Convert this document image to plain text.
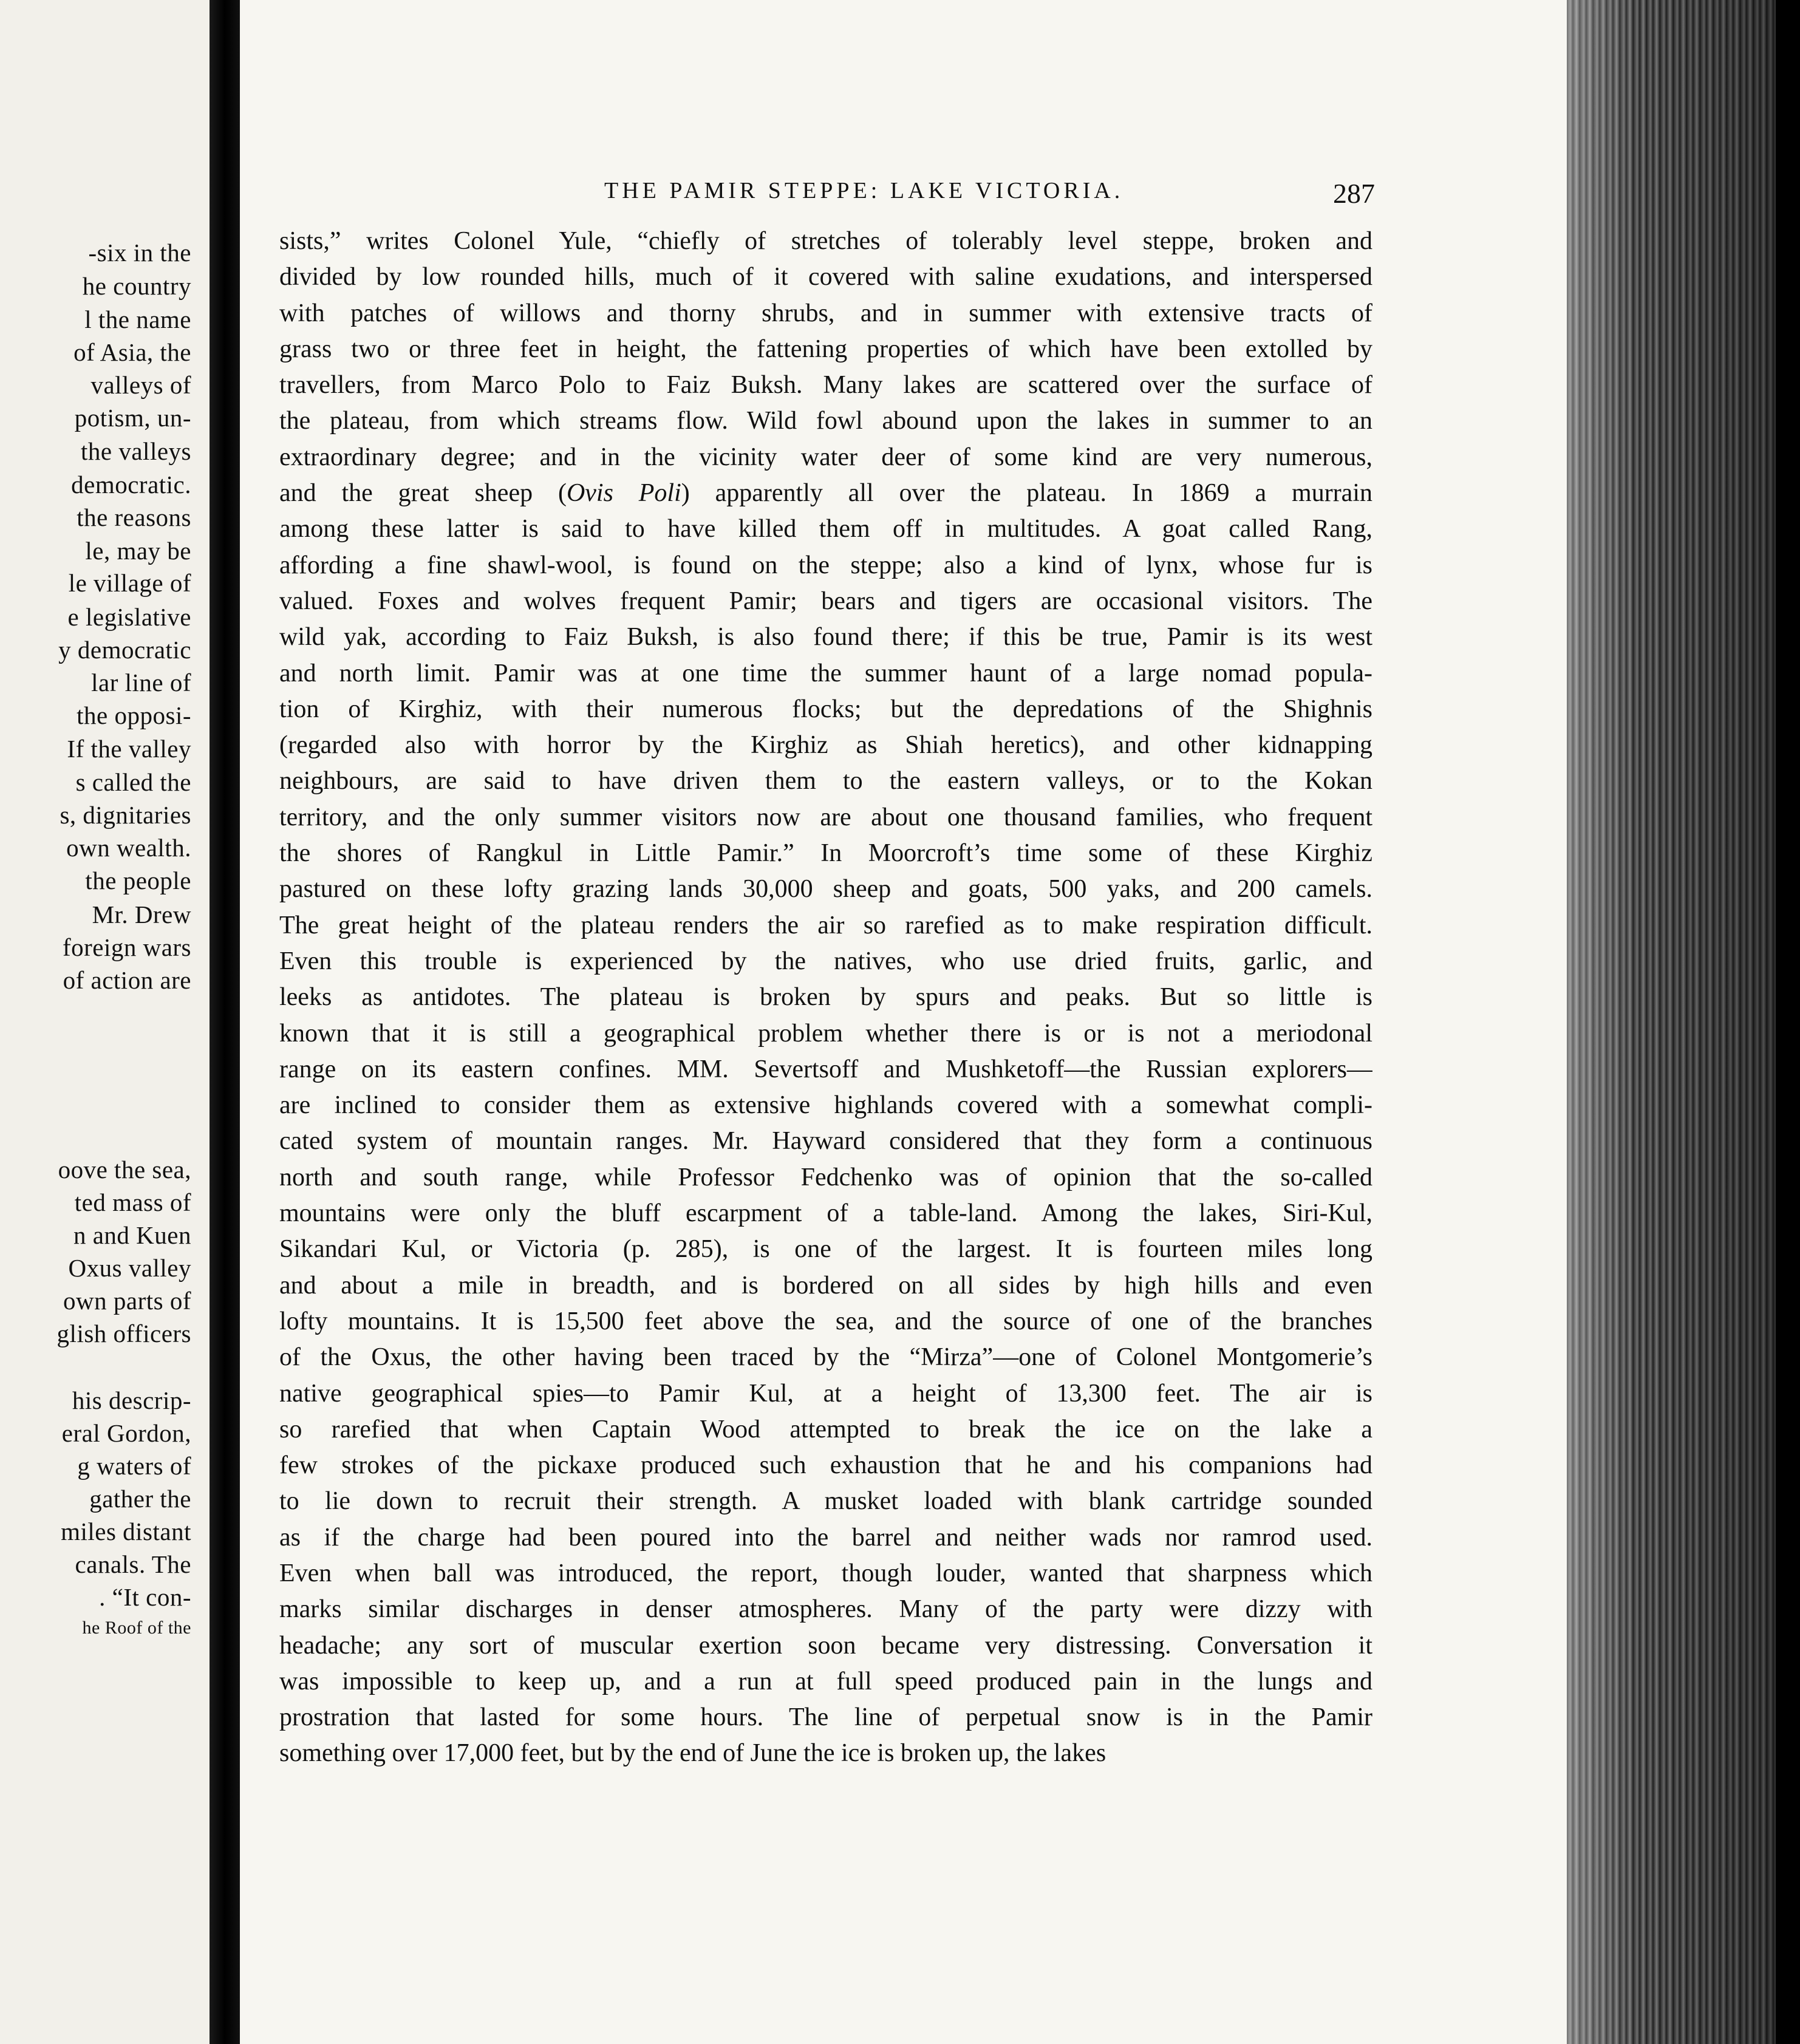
-six in the
he country
l the name
of Asia, the
valleys of
potism, un-
the valleys
democratic.
the reasons
le, may be
le village of
e legislative
y democratic
lar line of
the opposi-
If the valley
s called the
s, dignitaries
own wealth.
the people
Mr. Drew
foreign wars
of action are
oove the sea,
ted mass of
n and Kuen
Oxus valley
own parts of
glish officers
his descrip-
eral Gordon,
g waters of
gather the
miles distant
canals. The
. “It con-
he Roof of the
THE PAMIR STEPPE: LAKE VICTORIA.	287
sists,” writes Colonel Yule, “chiefly of stretches of tolerably level steppe, broken and
divided by low rounded hills, much of it covered with saline exudations, and interspersed
with patches of willows and thorny shrubs, and in summer with extensive tracts of
grass two or three feet in height, the fattening properties of which have been extolled by
travellers, from Marco Polo to Faiz Buksh. Many lakes are scattered over the surface of
the plateau, from which streams flow. Wild fowl abound upon the lakes in summer to an
extraordinary degree; and in the vicinity water deer of some kind are very numerous,
and the great sheep (Ovis Poli) apparently all over the plateau. In 1869 a murrain
among these latter is said to have killed them off in multitudes. A goat called Rang,
affording a fine shawl-wool, is found on the steppe; also a kind of lynx, whose fur is
valued. Foxes and wolves frequent Pamir; bears and tigers are occasional visitors. The
wild yak, according to Faiz Buksh, is also found there; if this be true, Pamir is its west
and north limit. Pamir was at one time the summer haunt of a large nomad popula-
tion of Kirghiz, with their numerous flocks; but the depredations of the Shighnis
(regarded also with horror by the Kirghiz as Shiah heretics), and other kidnapping
neighbours, are said to have driven them to the eastern valleys, or to the Kokan
territory, and the only summer visitors now are about one thousand families, who frequent
the shores of Rangkul in Little Pamir.” In Moorcroft’s time some of these Kirghiz
pastured on these lofty grazing lands 30,000 sheep and goats, 500 yaks, and 200 camels.
The great height of the plateau renders the air so rarefied as to make respiration difficult.
Even this trouble is experienced by the natives, who use dried fruits, garlic, and
leeks as antidotes. The plateau is broken by spurs and peaks. But so little is
known that it is still a geographical problem whether there is or is not a meriodonal
range on its eastern confines. MM. Severtsoff and Mushketoff—the Russian explorers—
are inclined to consider them as extensive highlands covered with a somewhat compli-
cated system of mountain ranges. Mr. Hayward considered that they form a continuous
north and south range, while Professor Fedchenko was of opinion that the so-called
mountains were only the bluff escarpment of a table-land. Among the lakes, Siri-Kul,
Sikandari Kul, or Victoria (p. 285), is one of the largest. It is fourteen miles long
and about a mile in breadth, and is bordered on all sides by high hills and even
lofty mountains. It is 15,500 feet above the sea, and the source of one of the branches
of the Oxus, the other having been traced by the “Mirza”—one of Colonel Montgomerie’s
native geographical spies—to Pamir Kul, at a height of 13,300 feet. The air is
so rarefied that when Captain Wood attempted to break the ice on the lake a
few strokes of the pickaxe produced such exhaustion that he and his companions had
to lie down to recruit their strength. A musket loaded with blank cartridge sounded
as if the charge had been poured into the barrel and neither wads nor ramrod used.
Even when ball was introduced, the report, though louder, wanted that sharpness which
marks similar discharges in denser atmospheres. Many of the party were dizzy with
headache; any sort of muscular exertion soon became very distressing. Conversation it
was impossible to keep up, and a run at full speed produced pain in the lungs and
prostration that lasted for some hours. The line of perpetual snow is in the Pamir
something over 17,000 feet, but by the end of June the ice is broken up, the lakes
